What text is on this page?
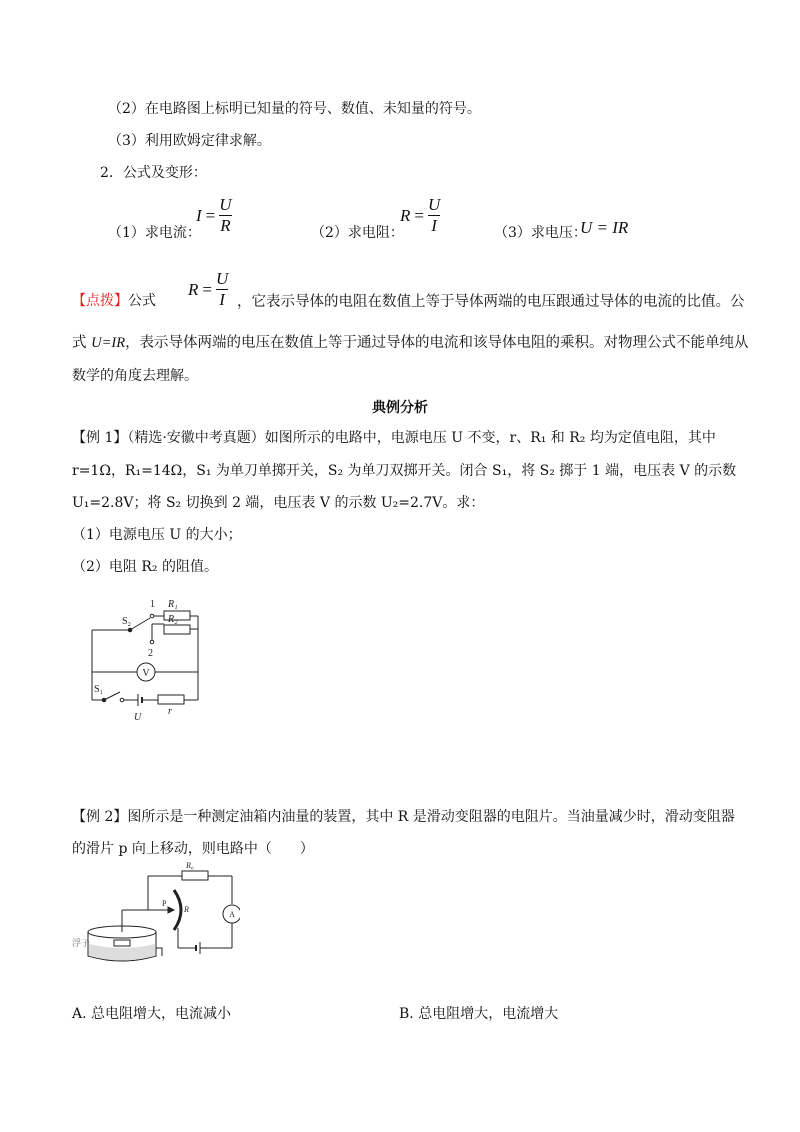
（2）在电路图上标明已知量的符号、数值、未知量的符号。
（3）利用欧姆定律求解。
2．公式及变形：
（1）求电流：
$I = \frac{U}{R}$	（2）求电阻：
$R = \frac{U}{I}$	（3）求电压：
U = IR
【点拨】公式
$R = \frac{U}{I}$ ，它表示导体的电阻在数值上等于导体两端的电压跟通过导体的电流的比值。公
式 U=IR，表示导体两端的电压在数值上等于通过导体的电流和该导体电阻的乘积。对物理公式不能单纯从
数学的角度去理解。
典例分析
【例 1】（精选·安徽中考真题）如图所示的电路中，电源电压 U 不变，r、R₁ 和 R₂ 均为定值电阻，其中
r=1Ω，R₁=14Ω，S₁ 为单刀单掷开关，S₂ 为单刀双掷开关。闭合 S₁，将 S₂ 掷于 1 端，电压表 V 的示数
U₁=2.8V；将 S₂ 切换到 2 端，电压表 V 的示数 U₂=2.7V。求：
（1）电源电压 U 的大小；
（2）电阻 R₂ 的阻值。
V
1
2
R₁
R₂
S₂
S₁
U
r
【例 2】图所示是一种测定油箱内油量的装置，其中 R 是滑动变阻器的电阻片。当油量减少时，滑动变阻器
的滑片 p 向上移动，则电路中（　　）
R₀
P
R
A
浮子
A. 总电阻增大，电流减小	B. 总电阻增大，电流增大
